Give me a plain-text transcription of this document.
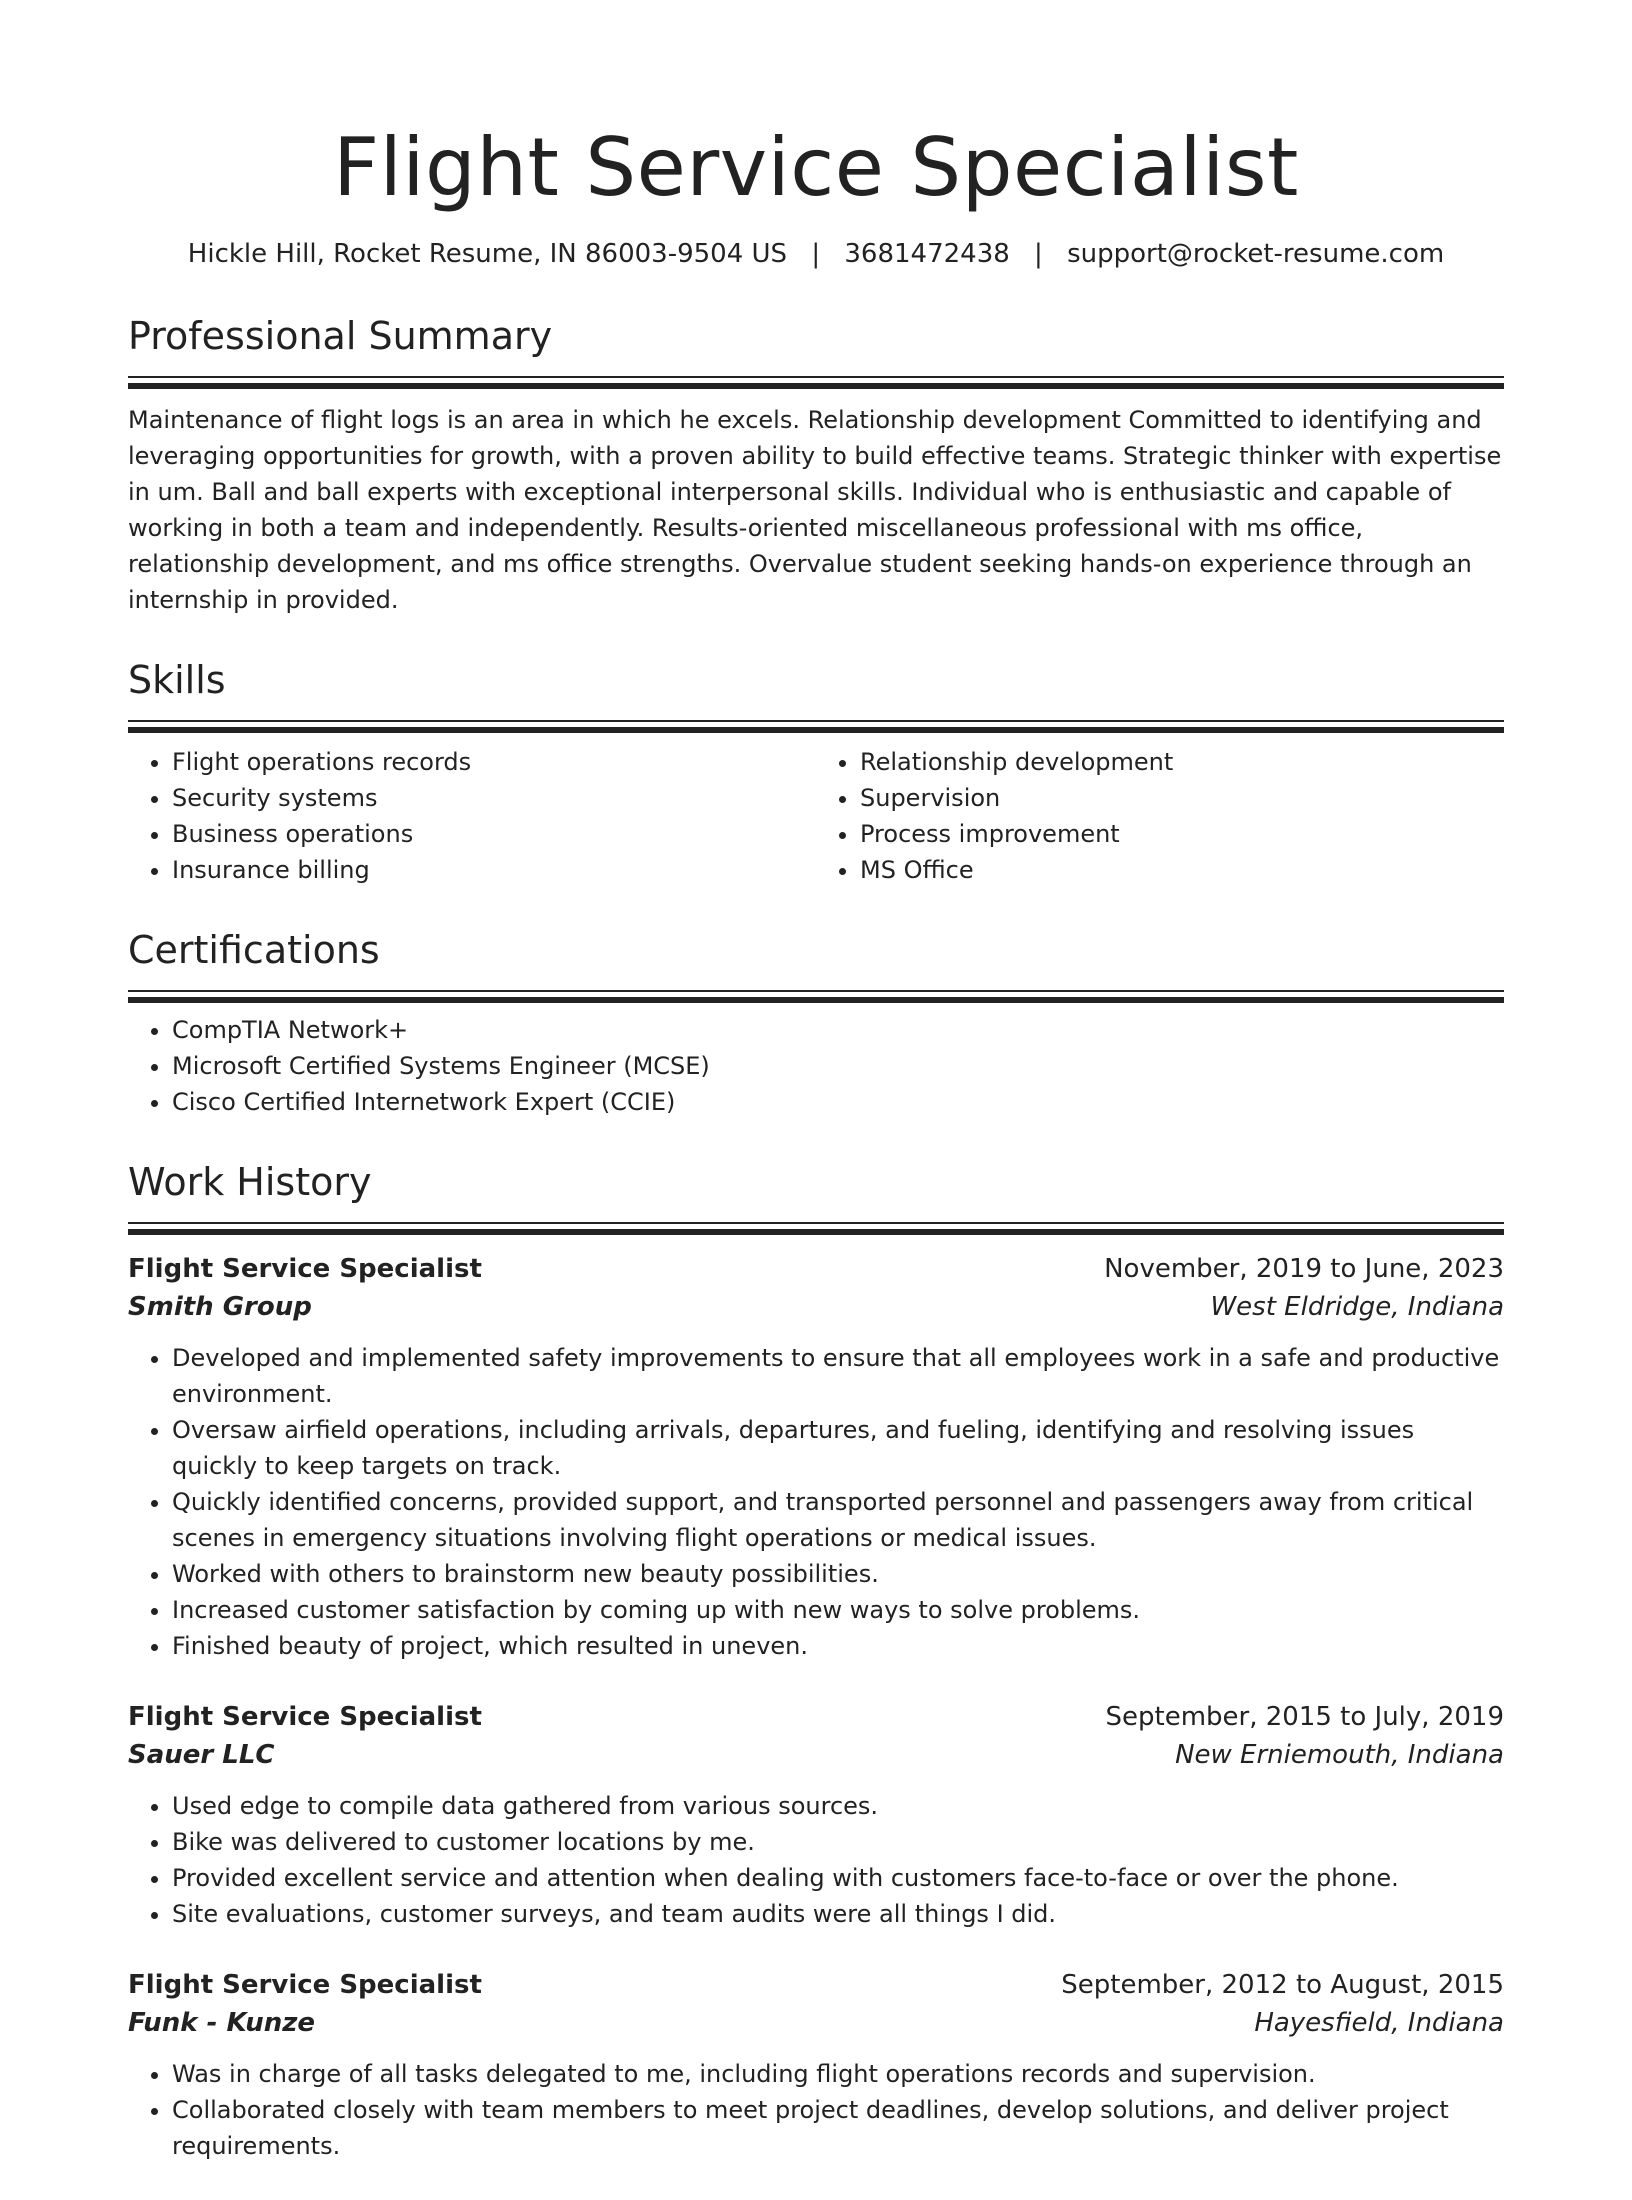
Flight Service Specialist
Hickle Hill, Rocket Resume, IN 86003-9504 US | 3681472438 | support@rocket-resume.com
Professional Summary

Maintenance of flight logs is an area in which he excels. Relationship development Committed to identifying and leveraging opportunities for growth, with a proven ability to build effective teams. Strategic thinker with expertise in um. Ball and ball experts with exceptional interpersonal skills. Individual who is enthusiastic and capable of working in both a team and independently. Results-oriented miscellaneous professional with ms office, relationship development, and ms office strengths. Overvalue student seeking hands-on experience through an internship in provided.

Skills
• Flight operations records
• Security systems
• Business operations
• Insurance billing
• Relationship development
• Supervision
• Process improvement
• MS Office
Certifications
• CompTIA Network+
• Microsoft Certified Systems Engineer (MCSE)
• Cisco Certified Internetwork Expert (CCIE)
Work History
Flight Service Specialist	November, 2019 to June, 2023
Smith Group	West Eldridge, Indiana
• Developed and implemented safety improvements to ensure that all employees work in a safe and productive environment.
• Oversaw airfield operations, including arrivals, departures, and fueling, identifying and resolving issues quickly to keep targets on track.
• Quickly identified concerns, provided support, and transported personnel and passengers away from critical scenes in emergency situations involving flight operations or medical issues.
• Worked with others to brainstorm new beauty possibilities.
• Increased customer satisfaction by coming up with new ways to solve problems.
• Finished beauty of project, which resulted in uneven.
Flight Service Specialist	September, 2015 to July, 2019
Sauer LLC	New Erniemouth, Indiana
• Used edge to compile data gathered from various sources.
• Bike was delivered to customer locations by me.
• Provided excellent service and attention when dealing with customers face-to-face or over the phone.
• Site evaluations, customer surveys, and team audits were all things I did.
Flight Service Specialist	September, 2012 to August, 2015
Funk - Kunze	Hayesfield, Indiana
• Was in charge of all tasks delegated to me, including flight operations records and supervision.
• Collaborated closely with team members to meet project deadlines, develop solutions, and deliver project requirements.
